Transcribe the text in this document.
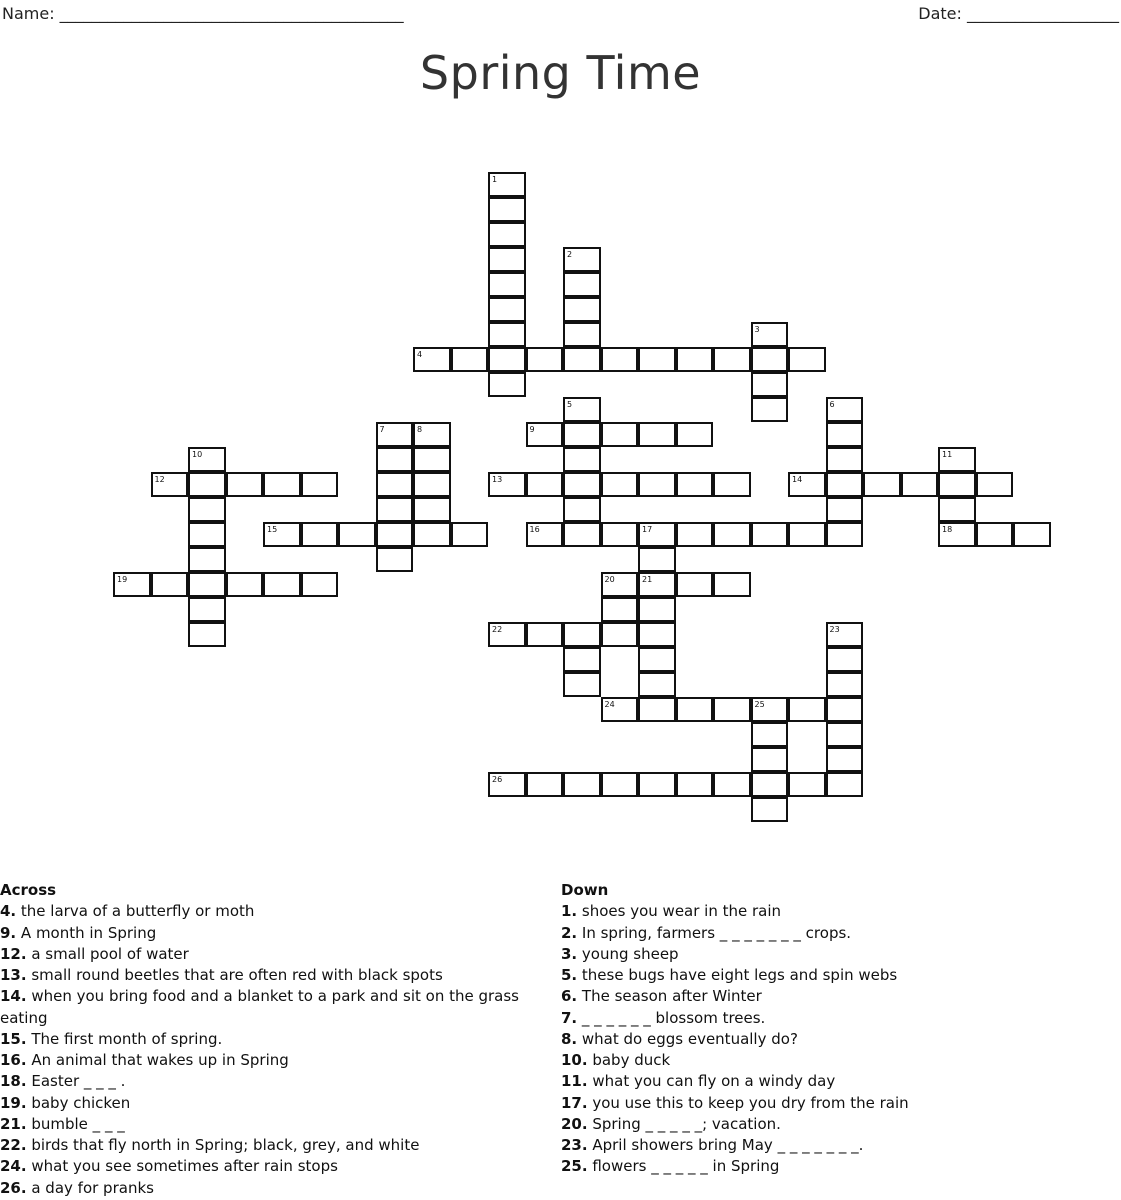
Name: ___________________________________________	Date: ___________________
Spring Time
1
2
3
4
5	6
7	8	9
10	11
12	13	14
15	16	17	18
19	20	21
22	23
24	25
26
Across
4. the larva of a butterfly or moth
9. A month in Spring
12. a small pool of water
13. small round beetles that are often red with black spots
14. when you bring food and a blanket to a park and sit on the grass eating
15. The first month of spring.
16. An animal that wakes up in Spring
18. Easter _ _ _ .
19. baby chicken
21. bumble _ _ _
22. birds that fly north in Spring; black, grey, and white
24. what you see sometimes after rain stops
26. a day for pranks
Down
1. shoes you wear in the rain
2. In spring, farmers _ _ _ _ _ _ _ crops.
3. young sheep
5. these bugs have eight legs and spin webs
6. The season after Winter
7. _ _ _ _ _ _ blossom trees.
8. what do eggs eventually do?
10. baby duck
11. what you can fly on a windy day
17. you use this to keep you dry from the rain
20. Spring _ _ _ _ _; vacation.
23. April showers bring May _ _ _ _ _ _ _.
25. flowers _ _ _ _ _ in Spring
